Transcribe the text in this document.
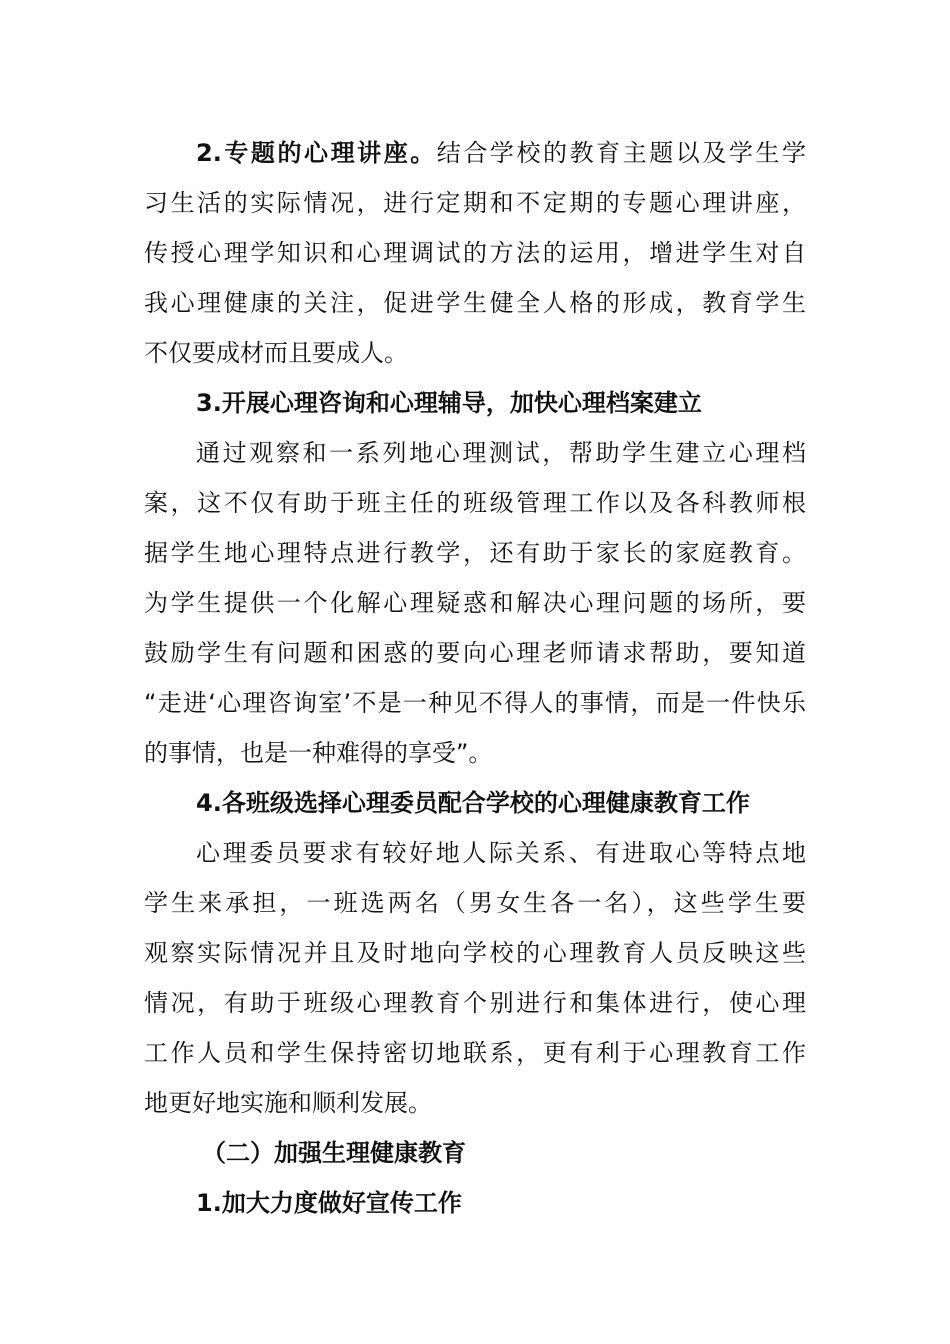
2.专题的心理讲座。结合学校的教育主题以及学生学
习生活的实际情况，进行定期和不定期的专题心理讲座，
传授心理学知识和心理调试的方法的运用，增进学生对自
我心理健康的关注，促进学生健全人格的形成，教育学生
不仅要成材而且要成人。
3.开展心理咨询和心理辅导，加快心理档案建立
通过观察和一系列地心理测试，帮助学生建立心理档
案，这不仅有助于班主任的班级管理工作以及各科教师根
据学生地心理特点进行教学，还有助于家长的家庭教育。
为学生提供一个化解心理疑惑和解决心理问题的场所，要
鼓励学生有问题和困惑的要向心理老师请求帮助，要知道
“走进‘心理咨询室’不是一种见不得人的事情，而是一件快乐
的事情，也是一种难得的享受”。
4.各班级选择心理委员配合学校的心理健康教育工作
心理委员要求有较好地人际关系、有进取心等特点地
学生来承担，一班选两名（男女生各一名），这些学生要
观察实际情况并且及时地向学校的心理教育人员反映这些
情况，有助于班级心理教育个别进行和集体进行，使心理
工作人员和学生保持密切地联系，更有利于心理教育工作
地更好地实施和顺利发展。
（二）加强生理健康教育
1.加大力度做好宣传工作
